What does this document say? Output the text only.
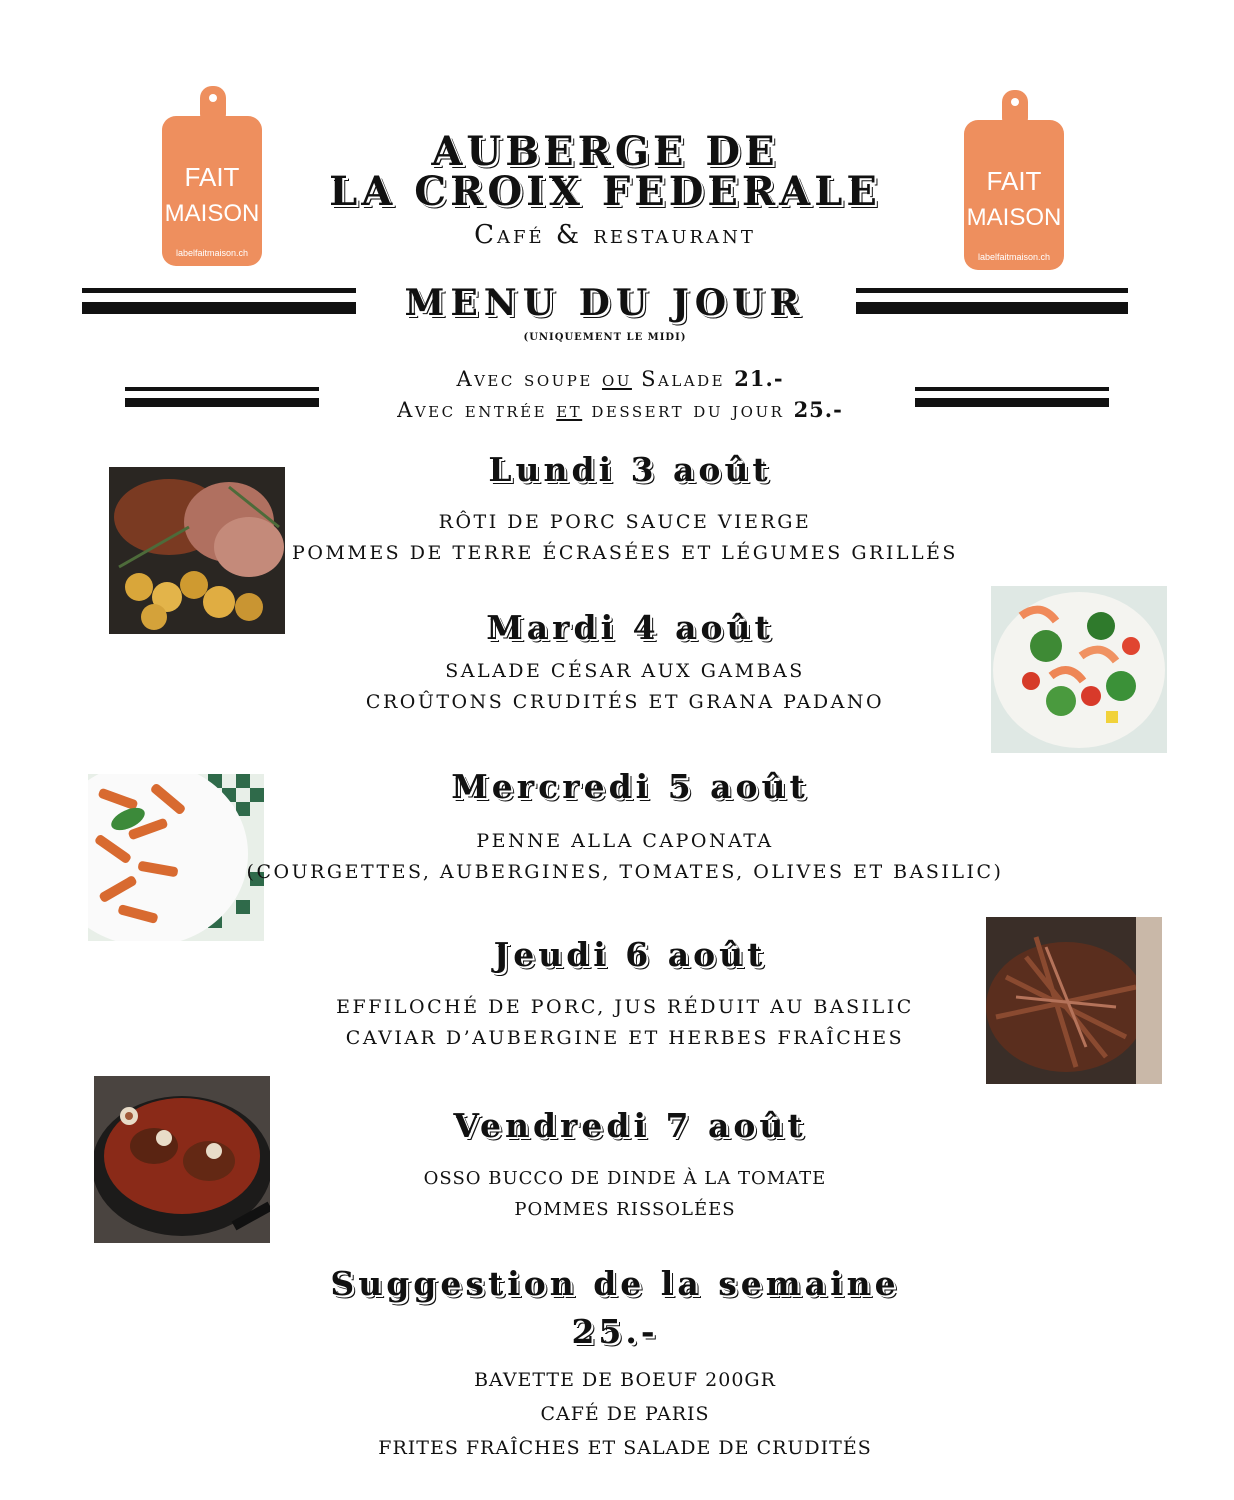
FAIT
MAISON
labelfaitmaison.ch
FAIT
MAISON
labelfaitmaison.ch
AUBERGE DE
LA CROIX FEDERALE
Café & restaurant
MENU DU JOUR
(UNIQUEMENT LE MIDI)
Avec soupe ou Salade 21.-
Avec entrée et dessert du jour 25.-
Lundi 3 août
RÔTI DE PORC SAUCE VIERGE
POMMES DE TERRE ÉCRASÉES ET LÉGUMES GRILLÉS
Mardi 4 août
SALADE CÉSAR AUX GAMBAS
CROÛTONS CRUDITÉS ET GRANA PADANO
Mercredi 5 août
PENNE ALLA CAPONATA
(COURGETTES, AUBERGINES, TOMATES, OLIVES ET BASILIC)
Jeudi 6 août
EFFILOCHÉ DE PORC, JUS RÉDUIT AU BASILIC
CAVIAR D’AUBERGINE ET HERBES FRAÎCHES
Vendredi 7 août
OSSO BUCCO DE DINDE À LA TOMATE
POMMES RISSOLÉES
Suggestion de la semaine
25.-
BAVETTE DE BOEUF 200GR
CAFÉ DE PARIS
FRITES FRAÎCHES ET SALADE DE CRUDITÉS
